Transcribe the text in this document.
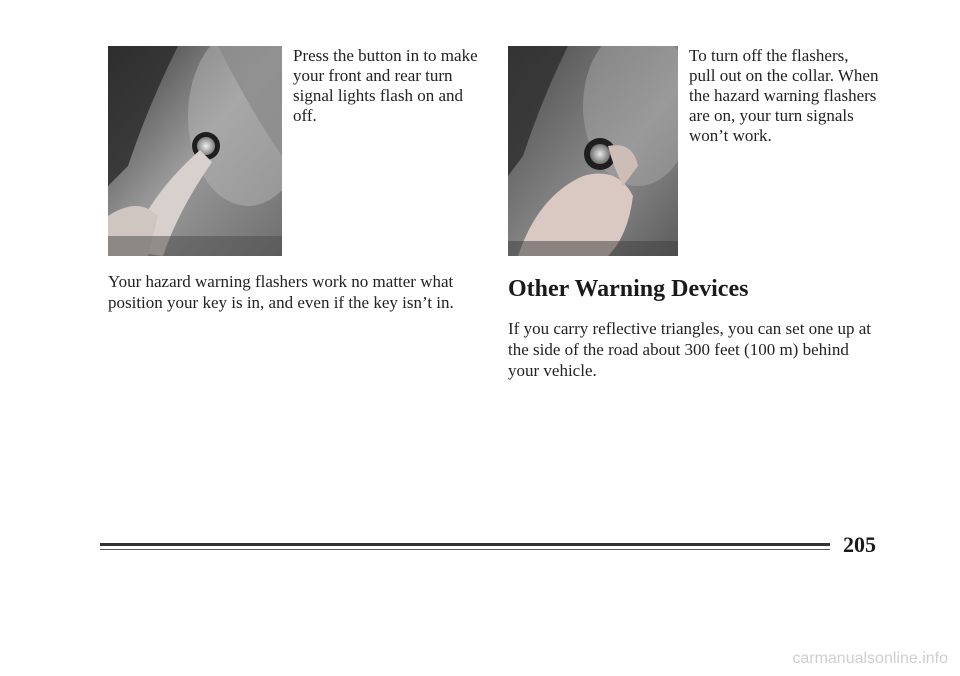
Press the button in to make your front and rear turn signal lights flash on and off.
To turn off the flashers, pull out on the collar. When the hazard warning flashers are on, your turn signals won’t work.
Your hazard warning flashers work no matter what position your key is in, and even if the key isn’t in.
Other Warning Devices
If you carry reflective triangles, you can set one up at the side of the road about 300 feet (100 m) behind your vehicle.
205
carmanualsonline.info
